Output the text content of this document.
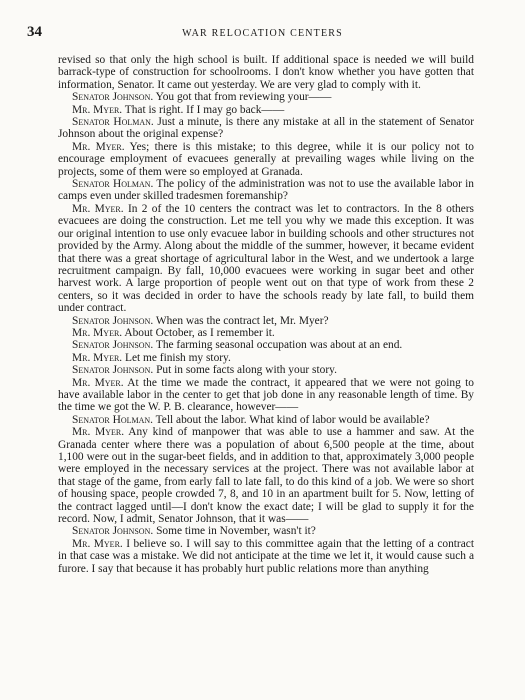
34	WAR RELOCATION CENTERS

revised so that only the high school is built. If additional space is needed we will build barrack-type of construction for schoolrooms. I don't know whether you have gotten that information, Senator. It came out yesterday. We are very glad to comply with it.

Senator Johnson. You got that from reviewing your——

Mr. Myer. That is right. If I may go back——

Senator Holman. Just a minute, is there any mistake at all in the statement of Senator Johnson about the original expense?

Mr. Myer. Yes; there is this mistake; to this degree, while it is our policy not to encourage employment of evacuees generally at prevailing wages while living on the projects, some of them were so employed at Granada.

Senator Holman. The policy of the administration was not to use the available labor in camps even under skilled tradesmen foremanship?

Mr. Myer. In 2 of the 10 centers the contract was let to contractors. In the 8 others evacuees are doing the construction. Let me tell you why we made this exception. It was our original intention to use only evacuee labor in building schools and other structures not provided by the Army. Along about the middle of the summer, however, it became evident that there was a great shortage of agricultural labor in the West, and we undertook a large recruitment campaign. By fall, 10,000 evacuees were working in sugar beet and other harvest work. A large proportion of people went out on that type of work from these 2 centers, so it was decided in order to have the schools ready by late fall, to build them under contract.

Senator Johnson. When was the contract let, Mr. Myer?

Mr. Myer. About October, as I remember it.

Senator Johnson. The farming seasonal occupation was about at an end.

Mr. Myer. Let me finish my story.

Senator Johnson. Put in some facts along with your story.

Mr. Myer. At the time we made the contract, it appeared that we were not going to have available labor in the center to get that job done in any reasonable length of time. By the time we got the W. P. B. clearance, however——

Senator Holman. Tell about the labor. What kind of labor would be available?

Mr. Myer. Any kind of manpower that was able to use a hammer and saw. At the Granada center where there was a population of about 6,500 people at the time, about 1,100 were out in the sugar-beet fields, and in addition to that, approximately 3,000 people were employed in the necessary services at the project. There was not available labor at that stage of the game, from early fall to late fall, to do this kind of a job. We were so short of housing space, people crowded 7, 8, and 10 in an apartment built for 5. Now, letting of the contract lagged until—I don't know the exact date; I will be glad to supply it for the record. Now, I admit, Senator Johnson, that it was——

Senator Johnson. Some time in November, wasn't it?

Mr. Myer. I believe so. I will say to this committee again that the letting of a contract in that case was a mistake. We did not anticipate at the time we let it, it would cause such a furore. I say that because it has probably hurt public relations more than anything
